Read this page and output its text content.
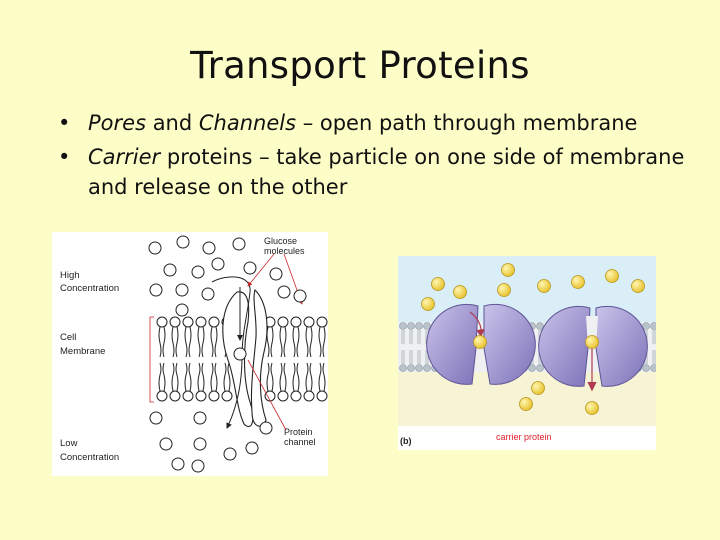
Transport Proteins
• Pores and Channels – open path through membrane
• Carrier proteins – take particle on one side of membrane and release on the other
Glucose molecules
High Concentration
Cell Membrane
Low Concentration
Protein channel	(b)	carrier protein
